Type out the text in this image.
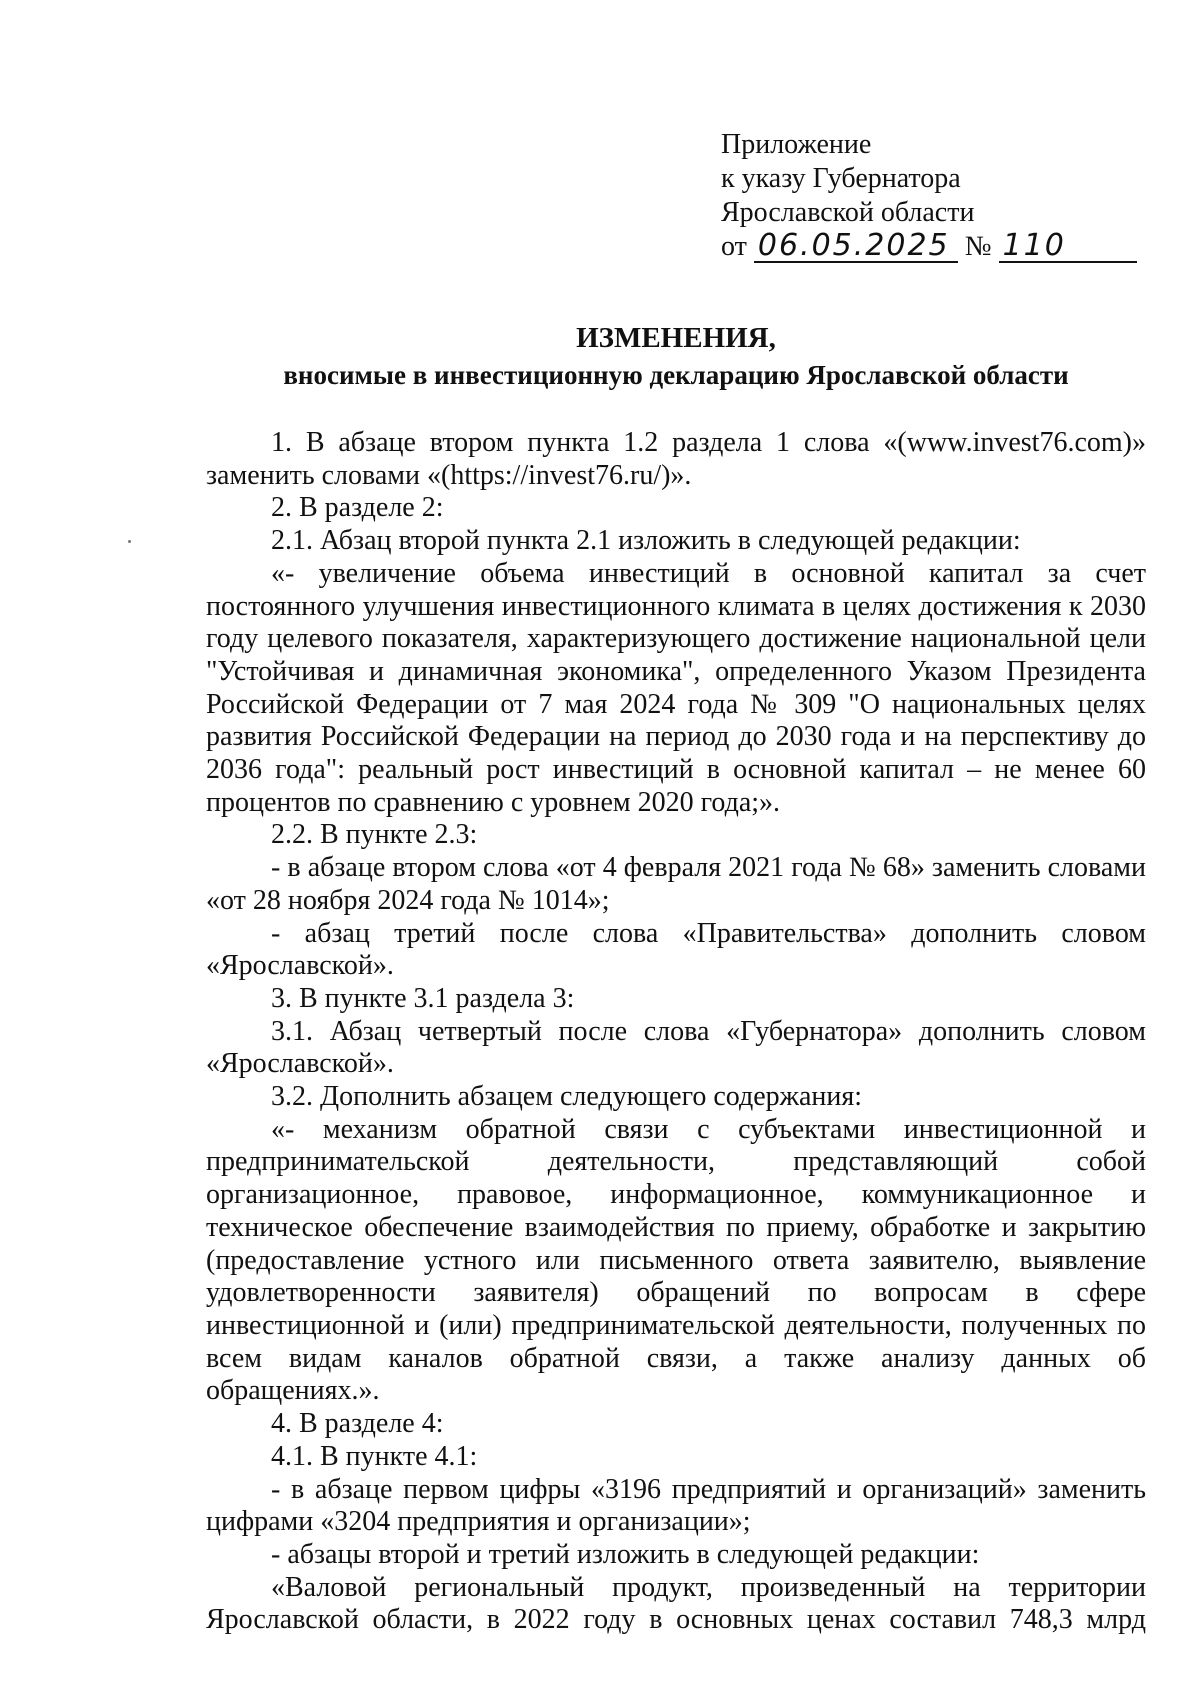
Приложение
к указу Губернатора
Ярославской области
от 06.05.2025 № 110
ИЗМЕНЕНИЯ,
вносимые в инвестиционную декларацию Ярославской области

1. В абзаце втором пункта 1.2 раздела 1 слова «(www.invest76.com)» заменить словами «(https://invest76.ru/)».

2. В разделе 2:

2.1. Абзац второй пункта 2.1 изложить в следующей редакции:

«- увеличение объема инвестиций в основной капитал за счет постоянного улучшения инвестиционного климата в целях достижения к 2030 году целевого показателя, характеризующего достижение национальной цели "Устойчивая и динамичная экономика", определенного Указом Президента Российской Федерации от 7 мая 2024 года № 309 "О национальных целях развития Российской Федерации на период до 2030 года и на перспективу до 2036 года": реальный рост инвестиций в основной капитал – не менее 60 процентов по сравнению с уровнем 2020 года;».

2.2. В пункте 2.3:

- в абзаце втором слова «от 4 февраля 2021 года № 68» заменить словами «от 28 ноября 2024 года № 1014»;

- абзац третий после слова «Правительства» дополнить словом «Ярославской».

3. В пункте 3.1 раздела 3:

3.1. Абзац четвертый после слова «Губернатора» дополнить словом «Ярославской».

3.2. Дополнить абзацем следующего содержания:

«- механизм обратной связи с субъектами инвестиционной и предпринимательской деятельности, представляющий собой организационное, правовое, информационное, коммуникационное и техническое обеспечение взаимодействия по приему, обработке и закрытию (предоставление устного или письменного ответа заявителю, выявление удовлетворенности заявителя) обращений по вопросам в сфере инвестиционной и (или) предпринимательской деятельности, полученных по всем видам каналов обратной связи, а также анализу данных об обращениях.».

4. В разделе 4:

4.1. В пункте 4.1:

- в абзаце первом цифры «3196 предприятий и организаций» заменить цифрами «3204 предприятия и организации»;

- абзацы второй и третий изложить в следующей редакции:

«Валовой региональный продукт, произведенный на территории Ярославской области, в 2022 году в основных ценах составил 748,3 млрд
